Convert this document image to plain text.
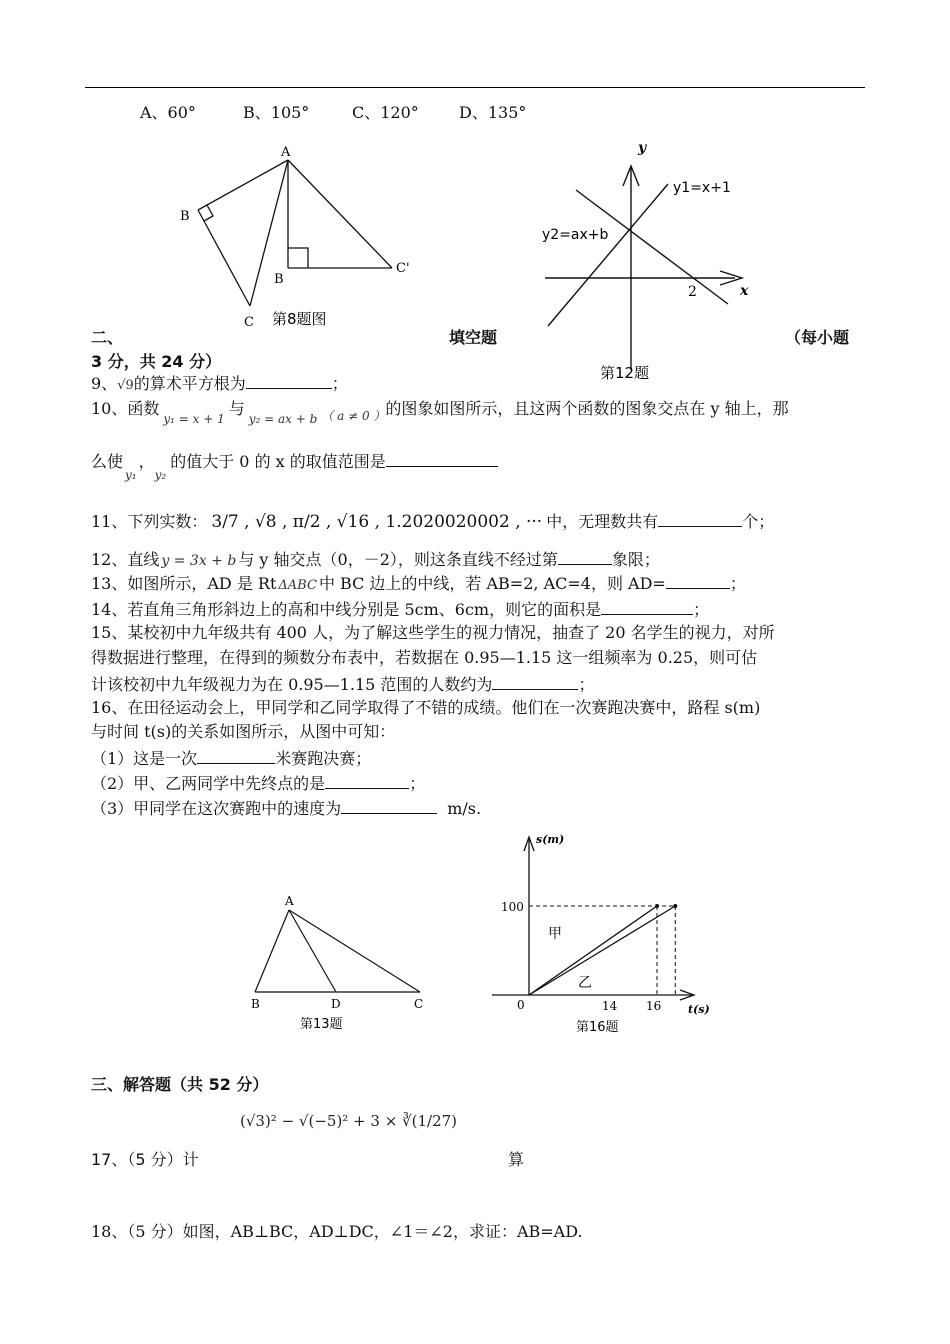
A、60°	B、105°	C、120°	D、135°
A
B
B
C
C'
第8题图
y
x
y1=x+1
y2=ax+b
2
第12题
二、	填空题	（每小题
3 分，共 24 分）
9、√9的算术平方根为	；
10、函数$_{y_1 = x + 1}$与$_{y_2 = ax + b}$ $_{( a \ne 0 )}$的图象如图所示，且这两个函数的图象交点在 y 轴上，那
么使$_{y_1}$，$_{y_2}$的值大于 0 的 x 的取值范围是
11、下列实数： 3/7 , √8 , π/2 , √16 , 1.2020020002 , ··· 中，无理数共有	个；
12、直线 y = 3x + b 与 y 轴交点（0，－2），则这条直线不经过第	象限；
13、如图所示，AD 是 Rt ΔABC 中 BC 边上的中线，若 AB=2, AC=4，则 AD=	；
14、若直角三角形斜边上的高和中线分别是 5cm、6cm，则它的面积是	；
15、某校初中九年级共有 400 人，为了解这些学生的视力情况，抽查了 20 名学生的视力，对所
得数据进行整理，在得到的频数分布表中，若数据在 0.95—1.15 这一组频率为 0.25，则可估
计该校初中九年级视力为在 0.95—1.15 范围的人数约为	；
16、在田径运动会上，甲同学和乙同学取得了不错的成绩。他们在一次赛跑决赛中，路程 s(m)
与时间 t(s)的关系如图所示，从图中可知：
（1）这是一次	米赛跑决赛；
（2）甲、乙两同学中先终点的是	；
（3）甲同学在这次赛跑中的速度为	m/s.
A
B	D	C
第13题
s(m)
t(s)
0
100
14 16
甲
乙
第16题
三、解答题（共 52 分）
(√3)² − √(−5)² + 3 × ∛(1/27)
17、（5 分）计	算
18、（5 分）如图，AB⊥BC，AD⊥DC，∠1＝∠2，求证：AB=AD.
